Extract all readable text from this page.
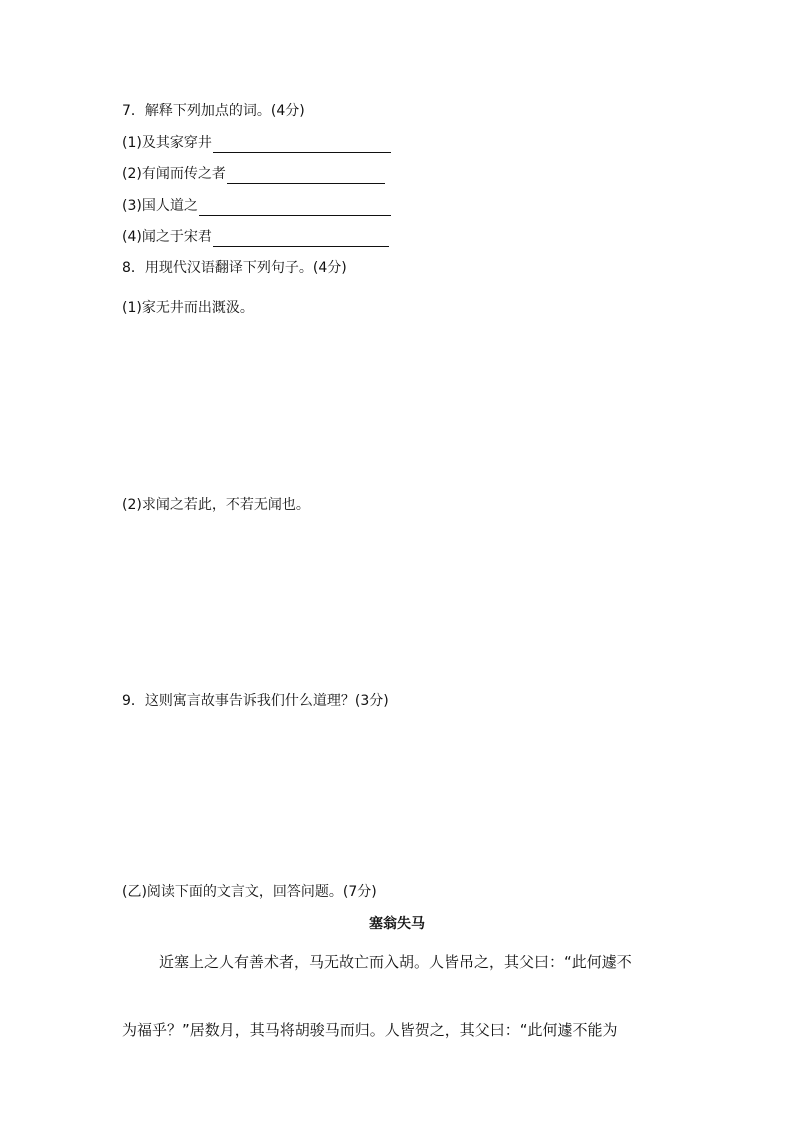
7．解释下列加点的词。(4分)
(1)及其家穿井
(2)有闻而传之者
(3)国人道之
(4)闻之于宋君
8．用现代汉语翻译下列句子。(4分)
(1)家无井而出溉汲。
(2)求闻之若此，不若无闻也。
9．这则寓言故事告诉我们什么道理？(3分)
(乙)阅读下面的文言文，回答问题。(7分)
塞翁失马
近塞上之人有善术者，马无故亡而入胡。人皆吊之，其父曰：“此何遽不
为福乎？”居数月，其马将胡骏马而归。人皆贺之，其父曰：“此何遽不能为
